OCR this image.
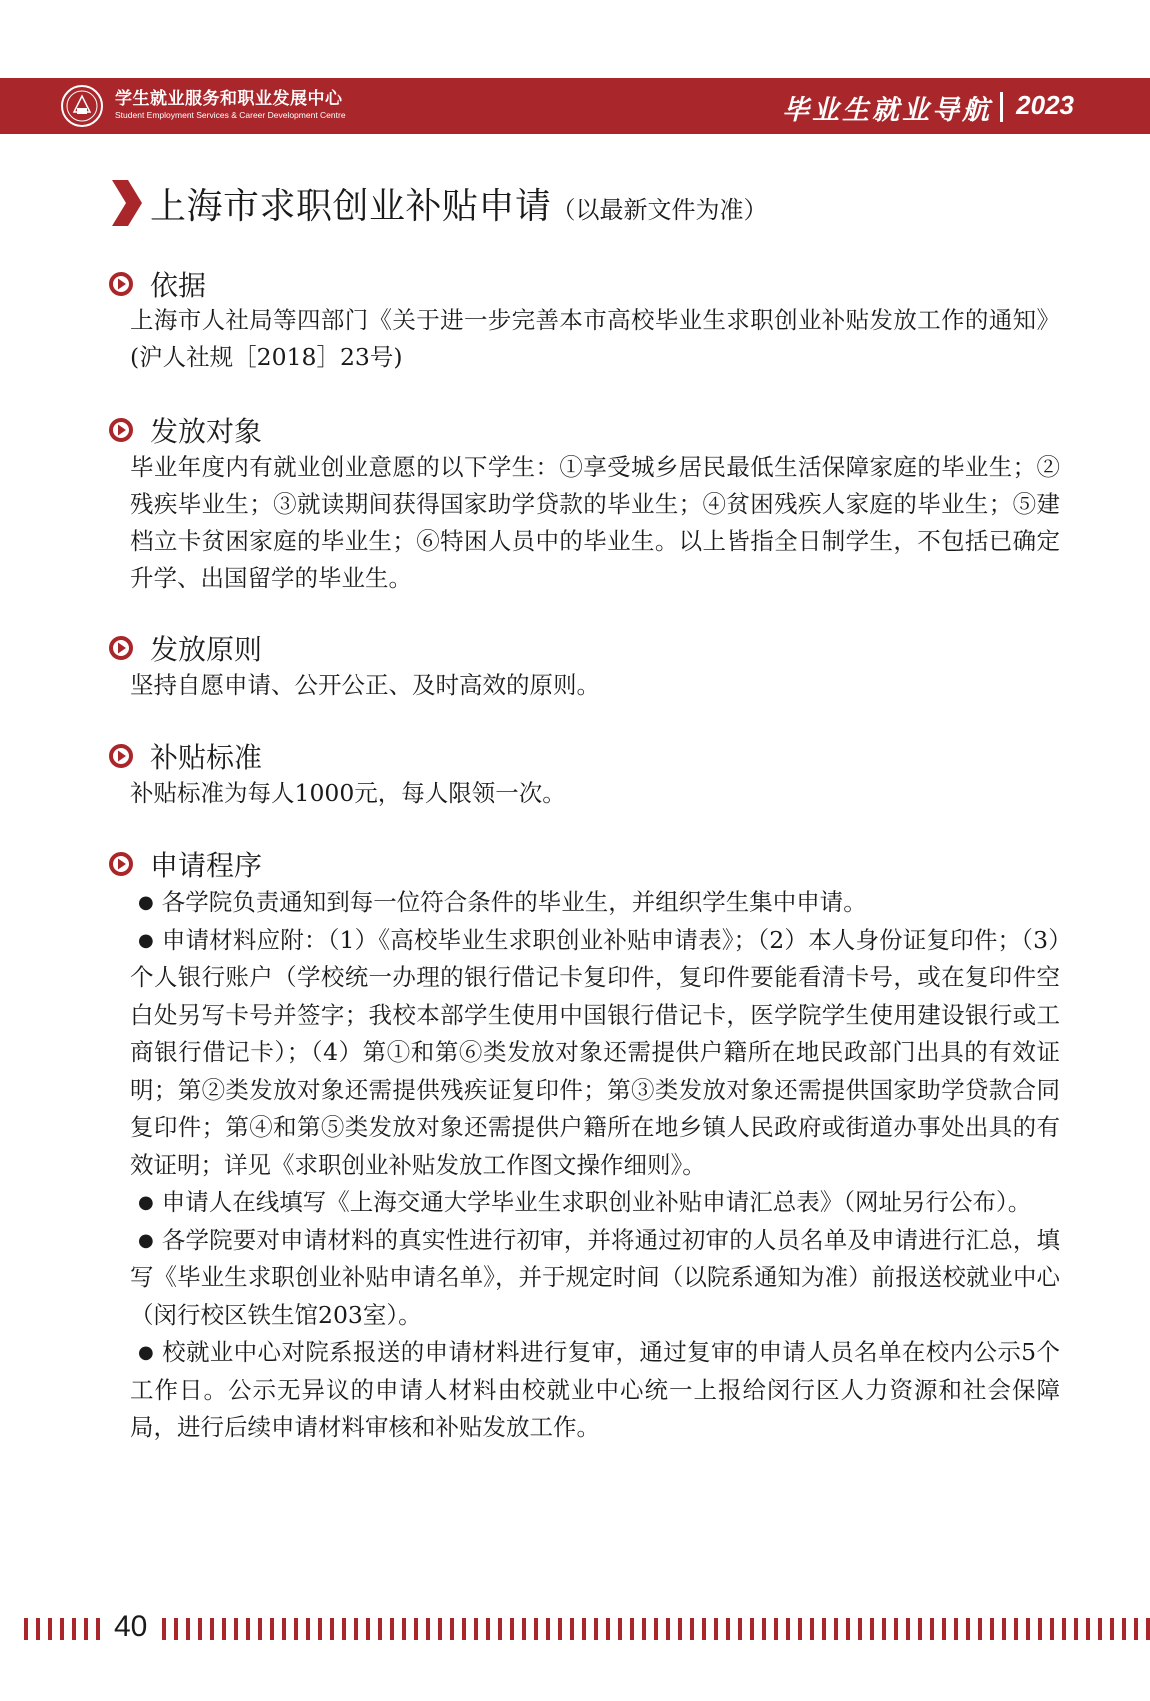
学生就业服务和职业发展中心
Student Employment Services & Career Development Centre	毕业生就业导航 2023
上海市求职创业补贴申请（以最新文件为准）
依据
上海市人社局等四部门《关于进一步完善本市高校毕业生求职创业补贴发放工作的通知》(沪人社规［2018］23号)
发放对象
毕业年度内有就业创业意愿的以下学生：①享受城乡居民最低生活保障家庭的毕业生；②残疾毕业生；③就读期间获得国家助学贷款的毕业生；④贫困残疾人家庭的毕业生；⑤建档立卡贫困家庭的毕业生；⑥特困人员中的毕业生。以上皆指全日制学生，不包括已确定升学、出国留学的毕业生。
发放原则
坚持自愿申请、公开公正、及时高效的原则。
补贴标准
补贴标准为每人1000元，每人限领一次。
申请程序

● 各学院负责通知到每一位符合条件的毕业生，并组织学生集中申请。

● 申请材料应附：（1）《高校毕业生求职创业补贴申请表》；（2）本人身份证复印件；（3）个人银行账户（学校统一办理的银行借记卡复印件，复印件要能看清卡号，或在复印件空白处另写卡号并签字；我校本部学生使用中国银行借记卡，医学院学生使用建设银行或工商银行借记卡）；（4）第①和第⑥类发放对象还需提供户籍所在地民政部门出具的有效证明；第②类发放对象还需提供残疾证复印件；第③类发放对象还需提供国家助学贷款合同复印件；第④和第⑤类发放对象还需提供户籍所在地乡镇人民政府或街道办事处出具的有效证明；详见《求职创业补贴发放工作图文操作细则》。

● 申请人在线填写《上海交通大学毕业生求职创业补贴申请汇总表》（网址另行公布）。

● 各学院要对申请材料的真实性进行初审，并将通过初审的人员名单及申请进行汇总，填写《毕业生求职创业补贴申请名单》，并于规定时间（以院系通知为准）前报送校就业中心（闵行校区铁生馆203室）。

● 校就业中心对院系报送的申请材料进行复审，通过复审的申请人员名单在校内公示5个工作日。公示无异议的申请人材料由校就业中心统一上报给闵行区人力资源和社会保障局，进行后续申请材料审核和补贴发放工作。

40
